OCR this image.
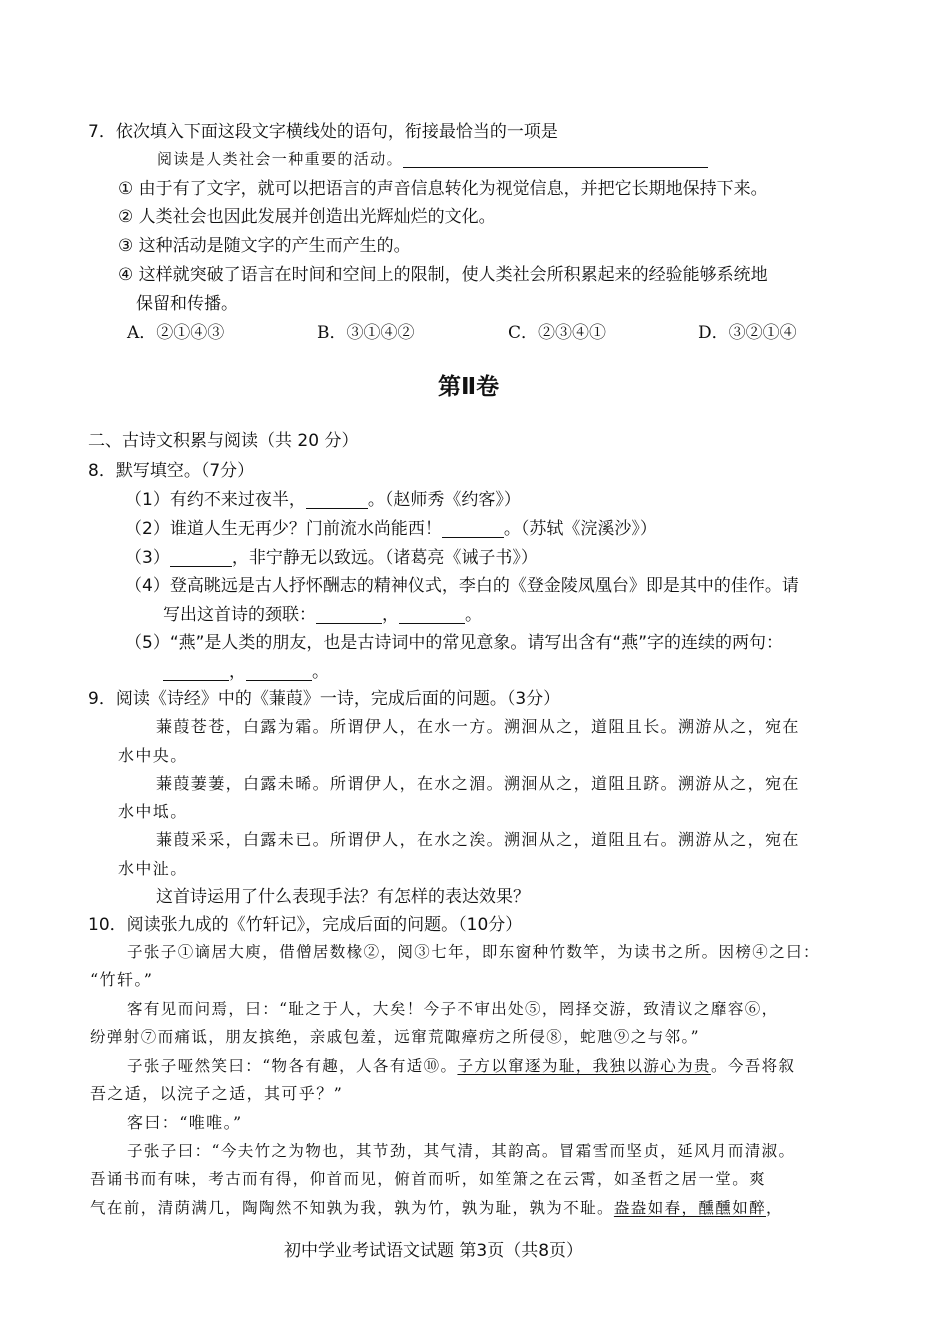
7．依次填入下面这段文字横线处的语句，衔接最恰当的一项是
阅读是人类社会一种重要的活动。
① 由于有了文字，就可以把语言的声音信息转化为视觉信息，并把它长期地保持下来。
② 人类社会也因此发展并创造出光辉灿烂的文化。
③ 这种活动是随文字的产生而产生的。
④ 这样就突破了语言在时间和空间上的限制，使人类社会所积累起来的经验能够系统地
保留和传播。
A．②①④③	B．③①④②	C．②③④①	D．③②①④
第Ⅱ卷
二、古诗文积累与阅读（共 20 分）
8．默写填空。（7分）
（1）有约不来过夜半，	。（赵师秀《约客》）
（2）谁道人生无再少？门前流水尚能西！	。（苏轼《浣溪沙》）
（3）	，非宁静无以致远。（诸葛亮《诫子书》）
（4）登高眺远是古人抒怀酬志的精神仪式，李白的《登金陵凤凰台》即是其中的佳作。请
写出这首诗的颈联：	，	。
（5）“燕”是人类的朋友，也是古诗词中的常见意象。请写出含有“燕”字的连续的两句：
，	。
9．阅读《诗经》中的《蒹葭》一诗，完成后面的问题。（3分）
蒹葭苍苍，白露为霜。所谓伊人，在水一方。溯洄从之，道阻且长。溯游从之，宛在
水中央。
蒹葭萋萋，白露未晞。所谓伊人，在水之湄。溯洄从之，道阻且跻。溯游从之，宛在
水中坻。
蒹葭采采，白露未已。所谓伊人，在水之涘。溯洄从之，道阻且右。溯游从之，宛在
水中沚。
这首诗运用了什么表现手法？有怎样的表达效果？
10．阅读张九成的《竹轩记》，完成后面的问题。（10分）
子张子①谪居大庾，借僧居数椽②，阅③七年，即东窗种竹数竿，为读书之所。因榜④之曰：
“竹轩。”
客有见而问焉，曰：“耻之于人，大矣！今子不审出处⑤，罔择交游，致清议之靡容⑥，
纷弹射⑦而痛诋，朋友摈绝，亲戚包羞，远窜荒陬瘴疠之所侵⑧，蛇虺⑨之与邻。”
子张子哑然笑曰：“物各有趣，人各有适⑩。子方以窜逐为耻，我独以游心为贵。今吾将叙
吾之适，以浣子之适，其可乎？”
客曰：“唯唯。”
子张子曰：“今夫竹之为物也，其节劲，其气清，其韵高。冒霜雪而坚贞，延风月而清淑。
吾诵书而有味，考古而有得，仰首而见，俯首而听，如笙箫之在云霄，如圣哲之居一堂。爽
气在前，清荫满几，陶陶然不知孰为我，孰为竹，孰为耻，孰为不耻。盎盎如春，醺醺如醉，
初中学业考试语文试题 第3页（共8页）
